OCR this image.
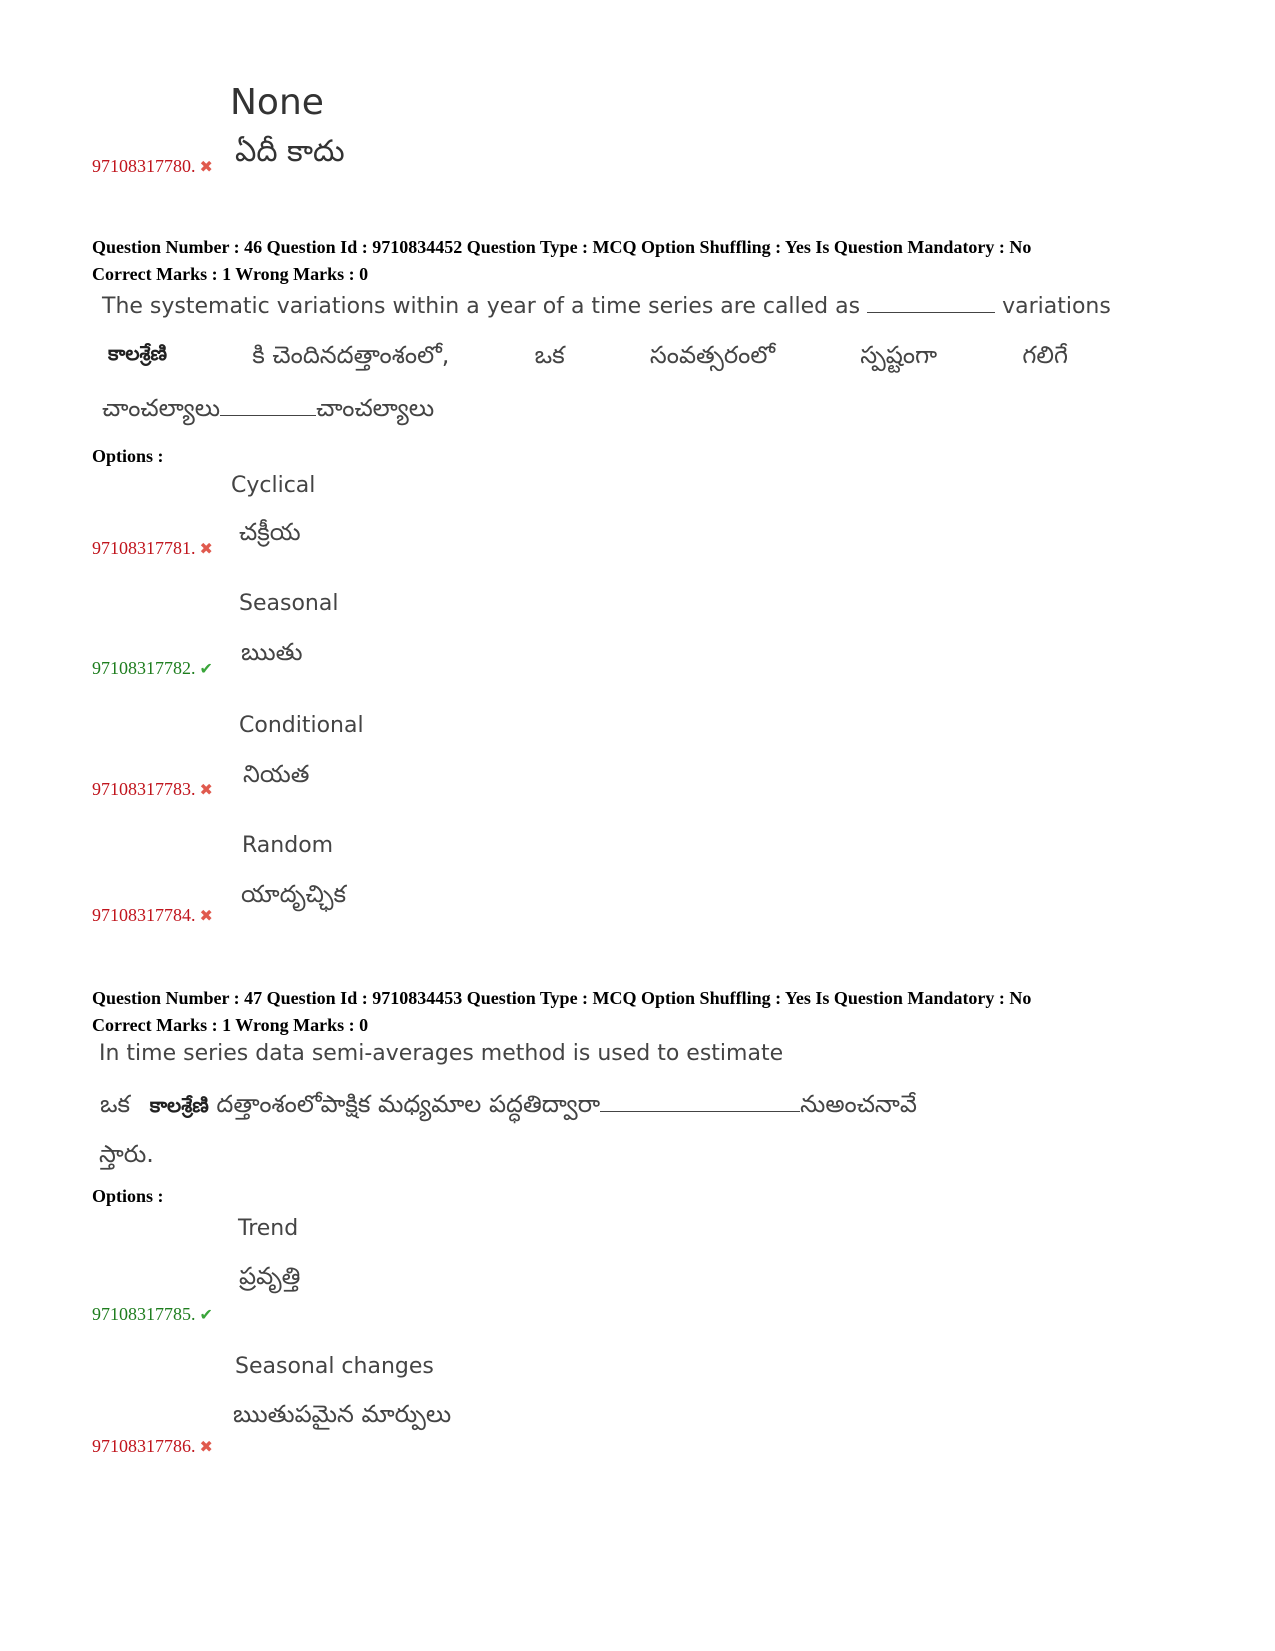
None
ఏదీ కాదు
97108317780. ✖
Question Number : 46 Question Id : 9710834452 Question Type : MCQ Option Shuffling : Yes Is Question Mandatory : No
Correct Marks : 1 Wrong Marks : 0
The systematic variations within a year of a time series are called as	variations
కాలశ్రేణి	కి చెందినదత్తాంశంలో,	ఒక	సంవత్సరంలో	స్పష్టంగా	గలిగే
చాంచల్యాలు	చాంచల్యాలు
Options :
Cyclical
చక్రీయ
97108317781. ✖
Seasonal
ఋతు
97108317782. ✔
Conditional
నియత
97108317783. ✖
Random
యాదృచ్ఛిక
97108317784. ✖
Question Number : 47 Question Id : 9710834453 Question Type : MCQ Option Shuffling : Yes Is Question Mandatory : No
Correct Marks : 1 Wrong Marks : 0
In time series data semi-averages method is used to estimate
ఒక కాలశ్రేణి దత్తాంశంలోపాక్షిక మధ్యమాల పద్ధతిద్వారా	నుఅంచనావే
స్తారు.
Options :
Trend
ప్రవృత్తి
97108317785. ✔
Seasonal changes
ఋతుపమైన మార్పులు
97108317786. ✖
